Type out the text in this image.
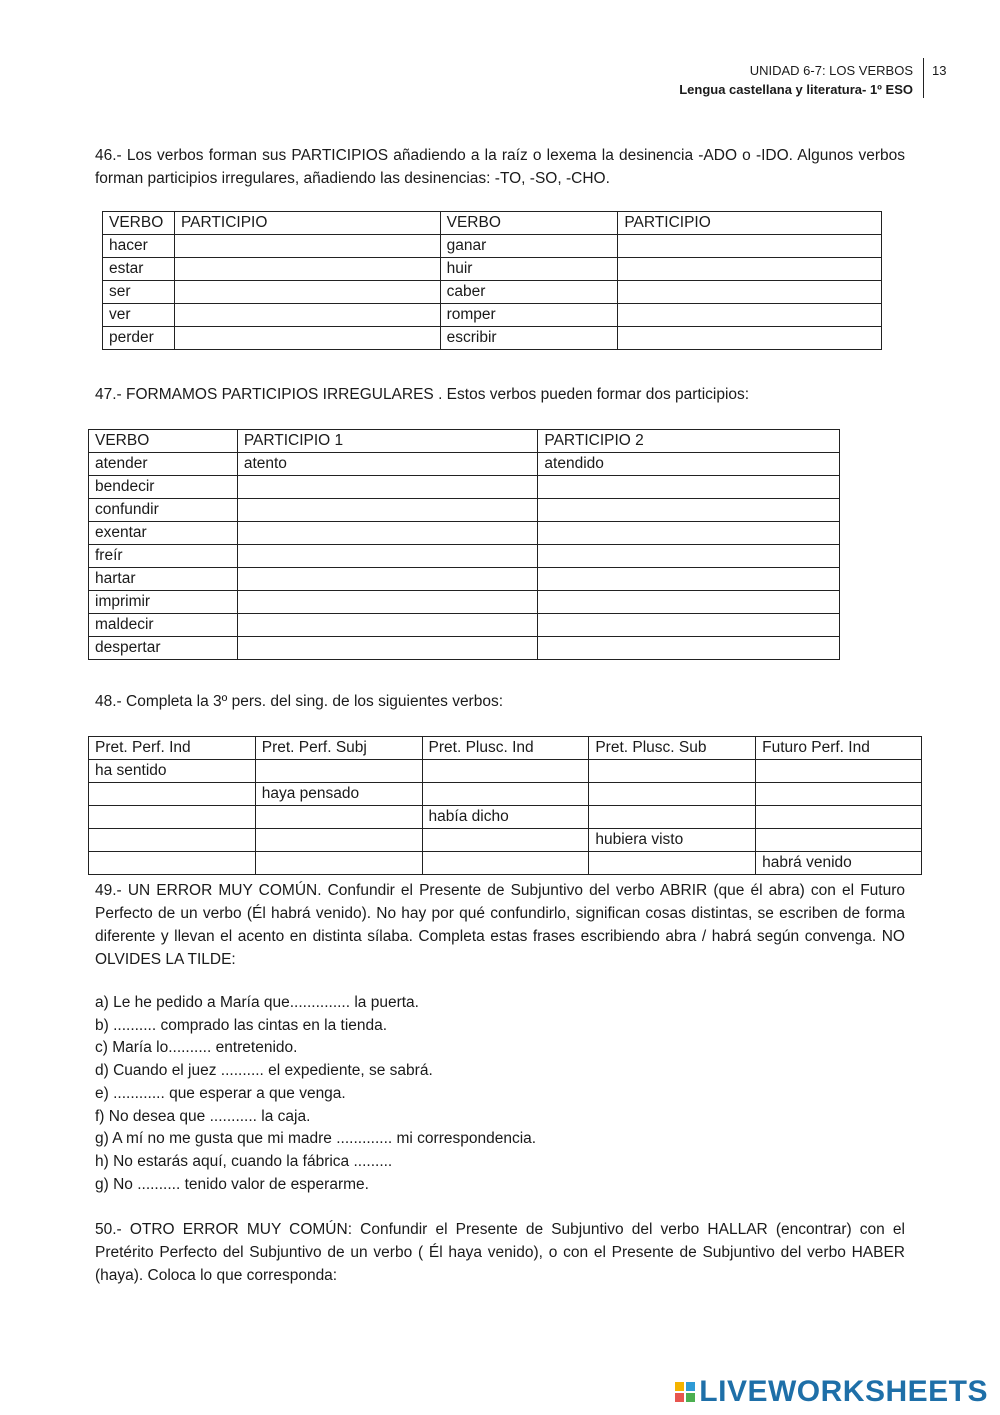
UNIDAD 6-7: LOS VERBOS
Lengua castellana y literatura- 1º ESO
13
46.- Los verbos forman sus PARTICIPIOS añadiendo a la raíz o lexema la desinencia -ADO o -IDO. Algunos verbos forman participios irregulares, añadiendo las desinencias: -TO, -SO, -CHO.
VERBO	PARTICIPIO	VERBO	PARTICIPIO
hacer		ganar	
estar		huir	
ser		caber	
ver		romper	
perder		escribir	
47.- FORMAMOS PARTICIPIOS IRREGULARES . Estos verbos pueden formar dos participios:
VERBO	PARTICIPIO 1	PARTICIPIO 2
atender	atento	atendido
bendecir		
confundir		
exentar		
freír		
hartar		
imprimir		
maldecir		
despertar		
48.- Completa la 3º pers. del sing. de los siguientes verbos:
Pret. Perf. Ind	Pret. Perf. Subj	Pret. Plusc. Ind	Pret. Plusc. Sub	Futuro Perf. Ind
ha sentido				
	haya pensado			
		había dicho		
			hubiera visto	
				habrá venido
49.- UN ERROR MUY COMÚN. Confundir el Presente de Subjuntivo del verbo ABRIR (que él abra) con el Futuro Perfecto de un verbo (Él habrá venido). No hay por qué confundirlo, significan cosas distintas, se escriben de forma diferente y llevan el acento en distinta sílaba. Completa estas frases escribiendo abra / habrá según convenga. NO OLVIDES LA TILDE:
a) Le he pedido a María que.............. la puerta.
b) .......... comprado las cintas en la tienda.
c) María lo.......... entretenido.
d) Cuando el juez .......... el expediente, se sabrá.
e) ............ que esperar a que venga.
f) No desea que ........... la caja.
g) A mí no me gusta que mi madre ............. mi correspondencia.
h) No estarás aquí, cuando la fábrica .........
g) No .......... tenido valor de esperarme.
50.- OTRO ERROR MUY COMÚN: Confundir el Presente de Subjuntivo del verbo HALLAR (encontrar) con el Pretérito Perfecto del Subjuntivo de un verbo ( Él haya venido), o con el Presente de Subjuntivo del verbo HABER (haya). Coloca lo que corresponda:
LIVEWORKSHEETS
